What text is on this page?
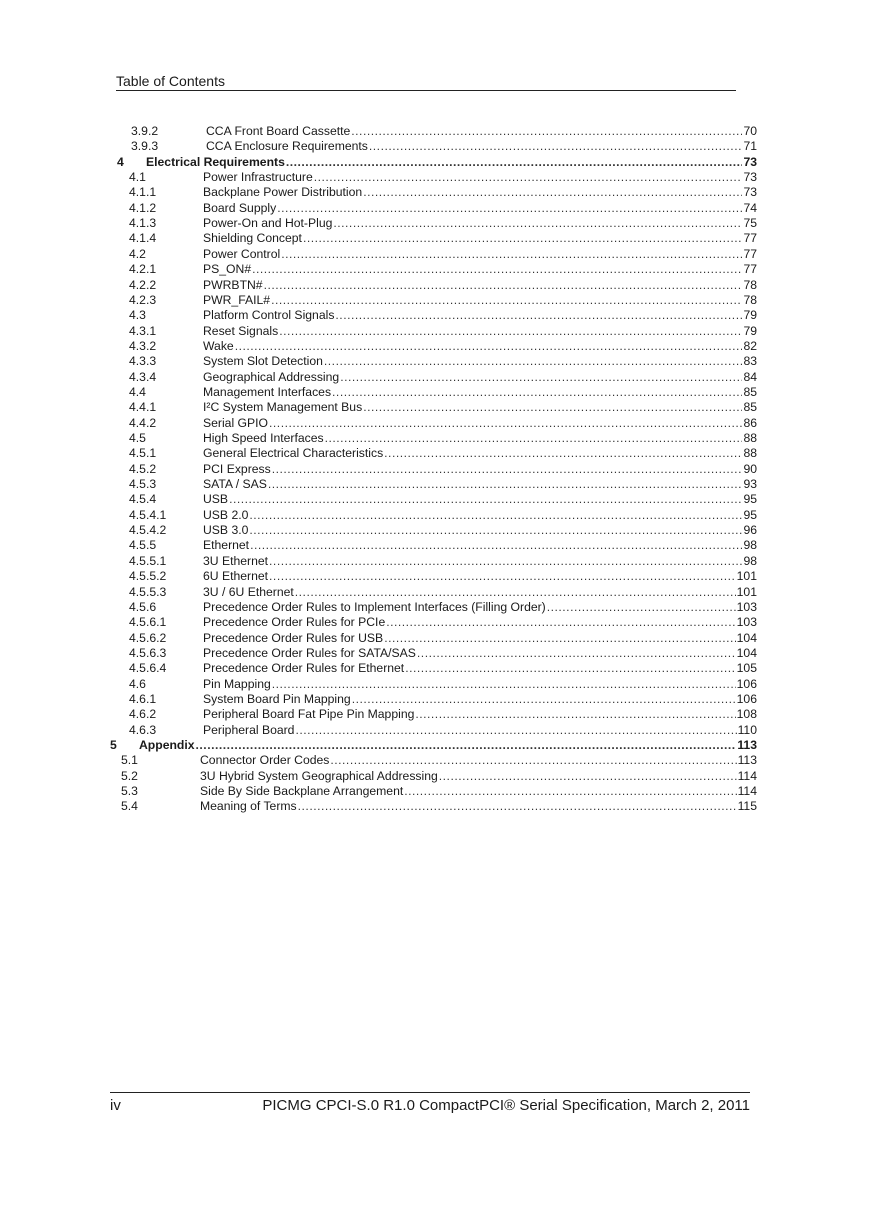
Table of Contents
3.9.2	CCA Front Board Cassette .....	70
3.9.3	CCA Enclosure Requirements .....	71
4 Electrical Requirements .....	73
4.1	Power Infrastructure .....	73
4.1.1	Backplane Power Distribution .....	73
4.1.2	Board Supply .....	74
4.1.3	Power-On and Hot-Plug .....	75
4.1.4	Shielding Concept .....	77
4.2	Power Control .....	77
4.2.1	PS_ON# .....	77
4.2.2	PWRBTN# .....	78
4.2.3	PWR_FAIL# .....	78
4.3	Platform Control Signals .....	79
4.3.1	Reset Signals .....	79
4.3.2	Wake .....	82
4.3.3	System Slot Detection .....	83
4.3.4	Geographical Addressing .....	84
4.4	Management Interfaces .....	85
4.4.1	I²C System Management Bus .....	85
4.4.2	Serial GPIO .....	86
4.5	High Speed Interfaces .....	88
4.5.1	General Electrical Characteristics .....	88
4.5.2	PCI Express .....	90
4.5.3	SATA / SAS .....	93
4.5.4	USB .....	95
4.5.4.1	USB 2.0 .....	95
4.5.4.2	USB 3.0 .....	96
4.5.5	Ethernet .....	98
4.5.5.1	3U Ethernet .....	98
4.5.5.2	6U Ethernet .....	101
4.5.5.3	3U / 6U Ethernet .....	101
4.5.6	Precedence Order Rules to Implement Interfaces (Filling Order) .....	103
4.5.6.1	Precedence Order Rules for PCIe .....	103
4.5.6.2	Precedence Order Rules for USB .....	104
4.5.6.3	Precedence Order Rules for SATA/SAS .....	104
4.5.6.4	Precedence Order Rules for Ethernet .....	105
4.6	Pin Mapping .....	106
4.6.1	System Board Pin Mapping .....	106
4.6.2	Peripheral Board Fat Pipe Pin Mapping .....	108
4.6.3	Peripheral Board .....	110
5 Appendix .....	113
5.1	Connector Order Codes .....	113
5.2	3U Hybrid System Geographical Addressing .....	114
5.3	Side By Side Backplane Arrangement .....	114
5.4	Meaning of Terms .....	115
iv	PICMG CPCI-S.0 R1.0 CompactPCI® Serial Specification, March 2, 2011
